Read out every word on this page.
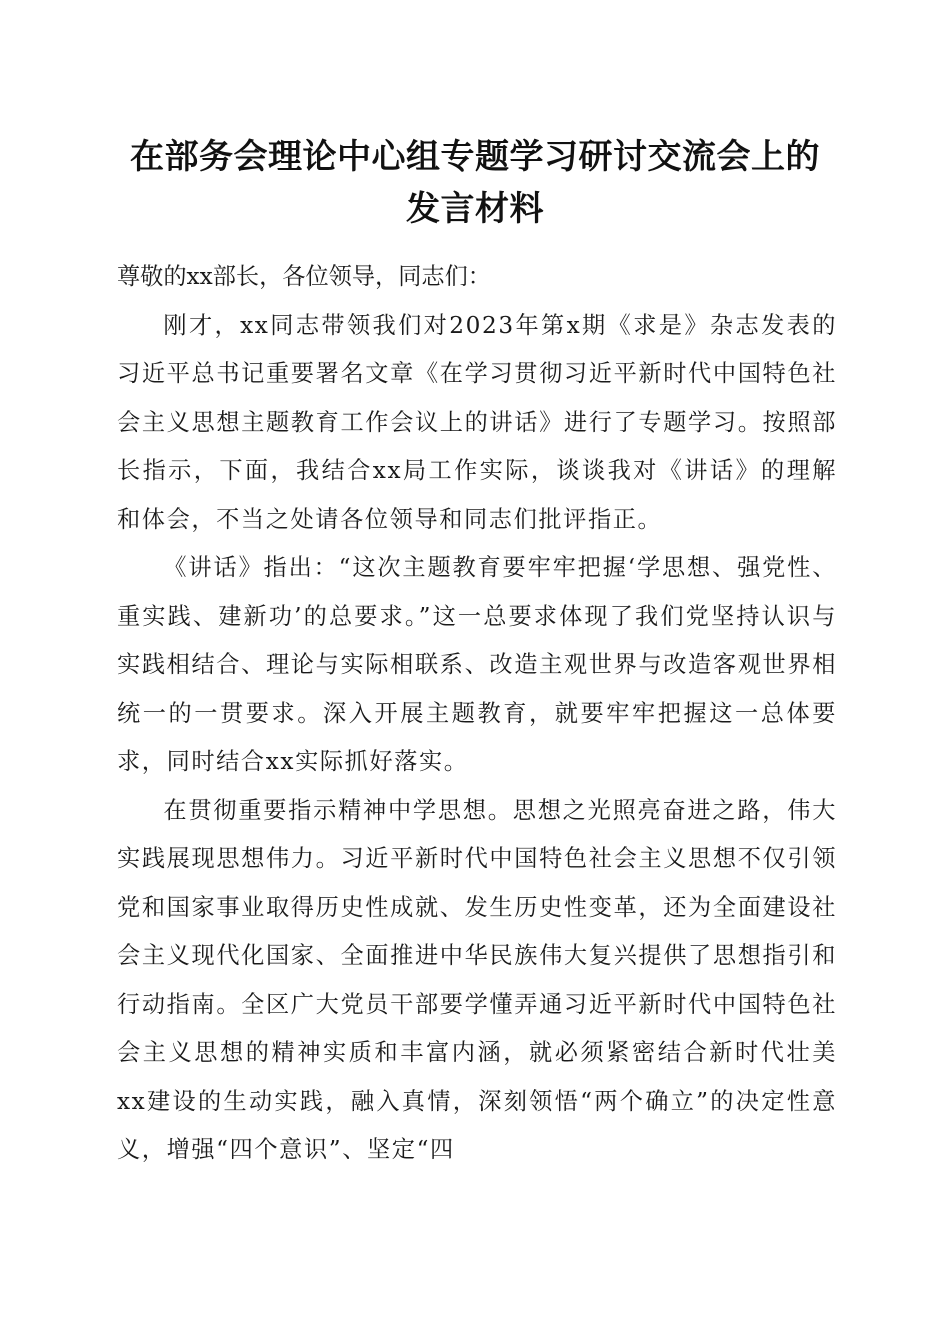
在部务会理论中心组专题学习研讨交流会上的
发言材料

尊敬的xx部长，各位领导，同志们：

刚才，xx同志带领我们对2023年第x期《求是》杂志发表的习近平总书记重要署名文章《在学习贯彻习近平新时代中国特色社会主义思想主题教育工作会议上的讲话》进行了专题学习。按照部长指示，下面，我结合xx局工作实际，谈谈我对《讲话》的理解和体会，不当之处请各位领导和同志们批评指正。

《讲话》指出：“这次主题教育要牢牢把握‘学思想、强党性、重实践、建新功’的总要求。”这一总要求体现了我们党坚持认识与实践相结合、理论与实际相联系、改造主观世界与改造客观世界相统一的一贯要求。深入开展主题教育，就要牢牢把握这一总体要求，同时结合xx实际抓好落实。

在贯彻重要指示精神中学思想。思想之光照亮奋进之路，伟大实践展现思想伟力。习近平新时代中国特色社会主义思想不仅引领党和国家事业取得历史性成就、发生历史性变革，还为全面建设社会主义现代化国家、全面推进中华民族伟大复兴提供了思想指引和行动指南。全区广大党员干部要学懂弄通习近平新时代中国特色社会主义思想的精神实质和丰富内涵，就必须紧密结合新时代壮美xx建设的生动实践，融入真情，深刻领悟“两个确立”的决定性意义，增强“四个意识”、坚定“四
